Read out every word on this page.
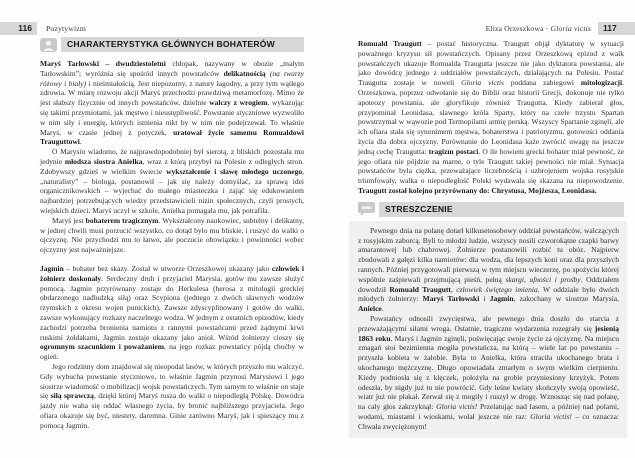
116	Pozytywizm
CHARAKTERYSTYKA GŁÓWNYCH BOHATERÓW

Maryś Tarłowski – dwudziestoletni chłopak, nazywany w obozie „małym Tarłowskim”; wyróżnia się spośród innych powstańców delikatnością (na twarzy różowy i biały) i nieśmiałością. Jest niepozorny, z natury łagodny, a przy tym wątłego zdrowia. W miarę rozwoju akcji Maryś przechodzi prawdziwą metamorfozę. Mimo że jest słabszy fizycznie od innych powstańców, dzielnie walczy z wrogiem, wykazując się takimi przymiotami, jak męstwo i nieustępliwość. Powstanie styczniowe wyzwoliło w nim siły i energię, których istnienia nikt by w nim nie podejrzewał. To właśnie Maryś, w czasie jednej z potyczek, uratował życie samemu Romualdowi Trauguttowi.

O Marysiu wiadomo, że najprawdopodobniej był sierotą, z bliskich pozostała mu jedynie młodsza siostra Anielka, wraz z którą przybył na Polesie z odległych stron. Zdobywszy gdzieś w wielkim świecie wykształcenie i sławę młodego uczonego, „naturalisty” – biologa, postanowił – jak się należy domyślać, za sprawą idei organicznikowskich – wyjechać do małego miasteczka i zająć się edukowaniem najbardziej potrzebujących wiedzy przedstawicieli nizin społecznych, czyli prostych, wiejskich dzieci. Maryś uczył w szkole, Anielka pomagała mu, jak potrafiła.

Maryś jest bohaterem tragicznym. Wykształcony naukowiec, subtelny i delikatny, w jednej chwili musi porzucić wszystko, co dotąd było mu bliskie, i ruszyć do walki o ojczyznę. Nie przychodzi mu to łatwo, ale poczucie obowiązku i powinności wobec ojczyzny jest najważniejsze.

Jagmin – bohater bez skazy. Został w utworze Orzeszkowej ukazany jako człowiek i żołnierz doskonały. Serdeczny druh i przyjaciel Marysia, gotów mu zawsze służyć pomocą. Jagmin przyrównany zostaje do Herkulesa (herosa z mitologii greckiej obdarzonego nadludzką siłą) oraz Scypiona (jednego z dwóch sławnych wodzów rzymskich z okresu wojen punickich). Zawsze zdyscyplinowany i gotów do walki, zawsze wykonujący rozkazy naczelnego wodza. W jednym z ostatnich epizodów, kiedy zachodzi potrzeba bronienia namiotu z rannymi powstańcami przed żądnymi krwi ruskimi żołdakami, Jagmin zostaje ukazany jako anioł. Wśród żołnierzy cieszy się ogromnym szacunkiem i poważaniem, na jego rozkaz powstańcy pójdą choćby w ogień.

Jego rodzinny dom znajdował się nieopodal lasów, w których przyszło mu walczyć. Gdy wybucha powstanie styczniowe, to właśnie Jagmin przynosi Marysiowi i jego siostrze wiadomość o mobilizacji wojsk powstańczych. Tym samym to właśnie on staje się siłą sprawczą, dzięki której Maryś rusza do walki o niepodległą Polskę. Dowódca jazdy nie waha się oddać własnego życia, by bronić najbliższego przyjaciela. Jego ofiara okazuje się być, niestety, daremna. Ginie zarówno Maryś, jak i spieszący mu z pomocą Jagmin.

Eliza Orzeszkowa · Gloria victis	117

Romuald Traugutt – postać historyczna. Traugutt objął dyktaturę w sytuacji poważnego kryzysu sił powstańczych. Opisany przez Orzeszkową epizod z walk powstańczych ukazuje Romualda Traugutta jeszcze nie jako dyktatora powstania, ale jako dowódcę jednego z oddziałów powstańczych, działających na Polesiu. Postać Traugutta zostaje w noweli Gloria victis poddana zabiegowi mitologizacji. Orzeszkowa, poprzez odwołanie się do Biblii oraz historii Grecji, dokonuje nie tylko apoteozy powstania, ale gloryfikuje również Traugutta. Kiedy zabierał głos, przypominał Leonidasa, sławnego króla Sparty, który na czele trzystu Spartan powstrzymał w wąwozie pod Termopilami armię perską. Wszyscy Spartanie zginęli, ale ich ofiara stała się synonimem męstwa, bohaterstwa i patriotyzmu, gotowości oddania życia dla dobra ojczyzny. Porównanie do Leonidasa każe zwrócić uwagę na jeszcze jedną cechę Traugutta: tragizm postaci. O ile bowiem grecki bohater miał pewność, że jego ofiara nie pójdzie na marne, o tyle Traugutt takiej pewności nie miał. Sytuacja powstańców była ciężka, przeważające liczebnością i uzbrojeniem wojska rosyjskie triumfowały, walka o niepodległość Polski wydawała się skazana na niepowodzenie. Traugutt został kolejno przyrównany do: Chrystusa, Mojżesza, Leonidasa.

STRESZCZENIE

Pewnego dnia na polanę dotarł kilkusetosobowy oddział powstańców, walczących z rosyjskim zaborcą. Byli to młodzi ludzie, wszyscy nosili czworokątne czapki barwy amarantowej lub chabrowej. Żołnierze postanowili rozbić tu obóz. Najpierw zbudowali z gałęzi kilka namiotów: dla wodza, dla lepszych koni oraz dla przyszłych rannych. Później przygotowali pierwszą w tym miejscu wieczerzę, po spożyciu której wspólnie zaśpiewali przejmującą pieśń, pełną skargi, ufności i prośby. Oddziałem dowodził Romuald Traugutt, człowiek świętego imienia. W oddziale było dwóch młodych żołnierzy: Maryś Tarłowski i Jagmin, zakochany w siostrze Marysia, Anielce.

Powstańcy odnosili zwycięstwa, ale pewnego dnia doszło do starcia z przeważającymi siłami wroga. Ostatnie, tragiczne wydarzenia rozegrały się jesienią 1863 roku. Maryś i Jagmin zginęli, poświęcając swoje życie za ojczyznę. Na miejscu zmagań stoi bezimienna mogiła powstańcza, na którą – wiele lat po powstaniu – przyszła kobieta w żałobie. Była to Anielka, która straciła ukochanego brata i ukochanego mężczyznę. Długo opowiadała zmarłym o swym wielkim cierpieniu. Kiedy podniosła się z klęczek, położyła na grobie przyniesiony krzyżyk. Potem odeszła, by nigdy już tu nie powrócić. Gdy leśne kwiaty skończyły swoją opowieść, wiatr już nie płakał. Zerwał się z mogiły i ruszył w drogę. Wznosząc się nad polanę, na cały głos zakrzyknął: Gloria victis! Przelatując nad lasem, a później nad polami, wodami, miastami i wioskami, wołał jeszcze nie raz: Gloria victis! – co oznacza: Chwała zwyciężonym!
